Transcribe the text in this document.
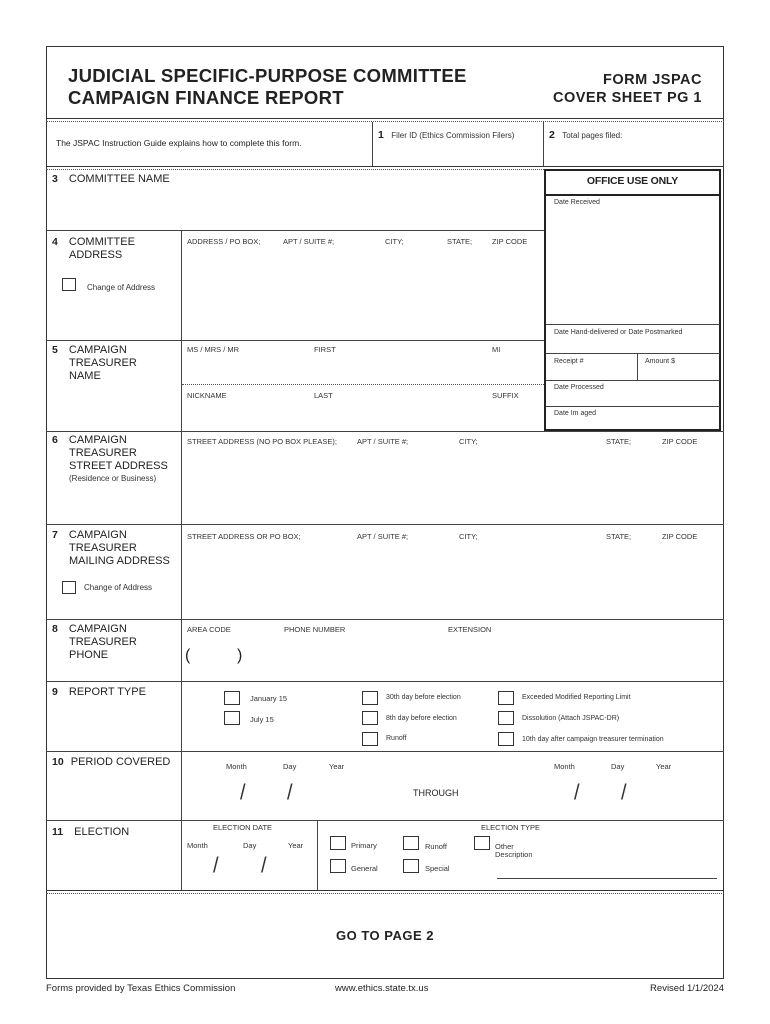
JUDICIAL SPECIFIC-PURPOSE COMMITTEE
CAMPAIGN FINANCE REPORT
FORM JSPAC
COVER SHEET PG 1
The JSPAC Instruction Guide explains how to complete this form.
1 Filer ID (Ethics Commission Filers)	2 Total pages filed:
3 COMMITTEE NAME	OFFICE USE ONLY
Date Received
Date Hand-delivered or Date Postmarked
Receipt #	Amount $
Date Processed
Date Im aged
4 COMMITTEE
ADDRESS
Change of Address
ADDRESS / PO BOX;	APT / SUITE #;	CITY;	STATE;	ZIP CODE
5 CAMPAIGN
TREASURER
NAME
MS / MRS / MR	FIRST	MI
NICKNAME	LAST	SUFFIX
6 CAMPAIGN
TREASURER
STREET ADDRESS
(Residence or Business)
STREET ADDRESS (NO PO BOX PLEASE);	APT / SUITE #;	CITY;	STATE;	ZIP CODE
7 CAMPAIGN
TREASURER
MAILING ADDRESS
Change of Address
STREET ADDRESS OR PO BOX;	APT / SUITE #;	CITY;	STATE;	ZIP CODE
8 CAMPAIGN
TREASURER
PHONE
AREA CODE	PHONE NUMBER	EXTENSION
(	)
9 REPORT TYPE
January 15
July 15
30th day before election
8th day before election
Runoff
Exceeded Modified Reporting Limit
Dissolution (Attach JSPAC-DR)
10th day after campaign treasurer termination
10 PERIOD COVERED	Month	Day	Year
/ /	THROUGH
Month	Day	Year
/ /
11 ELECTION	ELECTION DATE
Month	Day	Year
/ /
ELECTION TYPE
Primary	Runoff	Other
Description
General	Special
GO TO PAGE 2
Forms provided by Texas Ethics Commission	www.ethics.state.tx.us	Revised 1/1/2024
